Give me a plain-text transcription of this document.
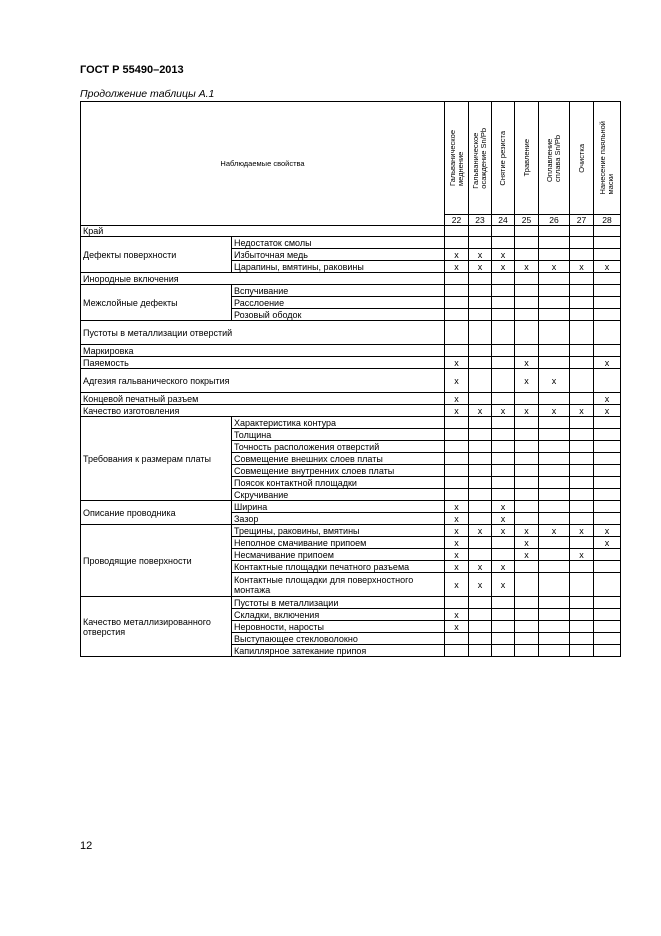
ГОСТ Р 55490–2013
Продолжение таблицы А.1
Наблюдаемые свойства		Гальваническое
меднение	Гальваническое
осаждение Sn/Pb	Снятие резиста	Травление	Оплавление
сплава Sn/Pb	Очистка	Нанесение паяльной
маски
		22	23	24	25	26	27	28
Край								
Дефекты поверхности	Недостаток смолы							
	Избыточная медь	x	x	x				
	Царапины, вмятины, раковины	x	x	x	x	x	x	x
Инородные включения								
Межслойные дефекты	Вспучивание							
	Расслоение							
	Розовый ободок							
Пустоты в металлизации отверстий								
Маркировка								
Паяемость		x			x			x
Адгезия гальванического покрытия		x			x	x		
Концевой печатный разъем		x						x
Качество изготовления		x	x	x	x	x	x	x
Требования к размерам платы	Характеристика контура							
	Толщина							
	Точность расположения отверстий							
	Совмещение внешних слоев платы							
	Совмещение внутренних слоев платы							
	Поясок контактной площадки							
	Скручивание							
Описание проводника	Ширина	x		x				
	Зазор	x		x				
Проводящие поверхности	Трещины, раковины, вмятины	x	x	x	x	x	x	x
	Неполное смачивание припоем	x			x			x
	Несмачивание припоем	x			x		x	
	Контактные площадки печатного разъема	x	x	x				
	Контактные площадки для поверхностного монтажа	x	x	x				
Качество металлизированного отверстия	Пустоты в металлизации							
	Складки, включения	x						
	Неровности, наросты	x						
	Выступающее стекловолокно							
	Капиллярное затекание припоя							
12
